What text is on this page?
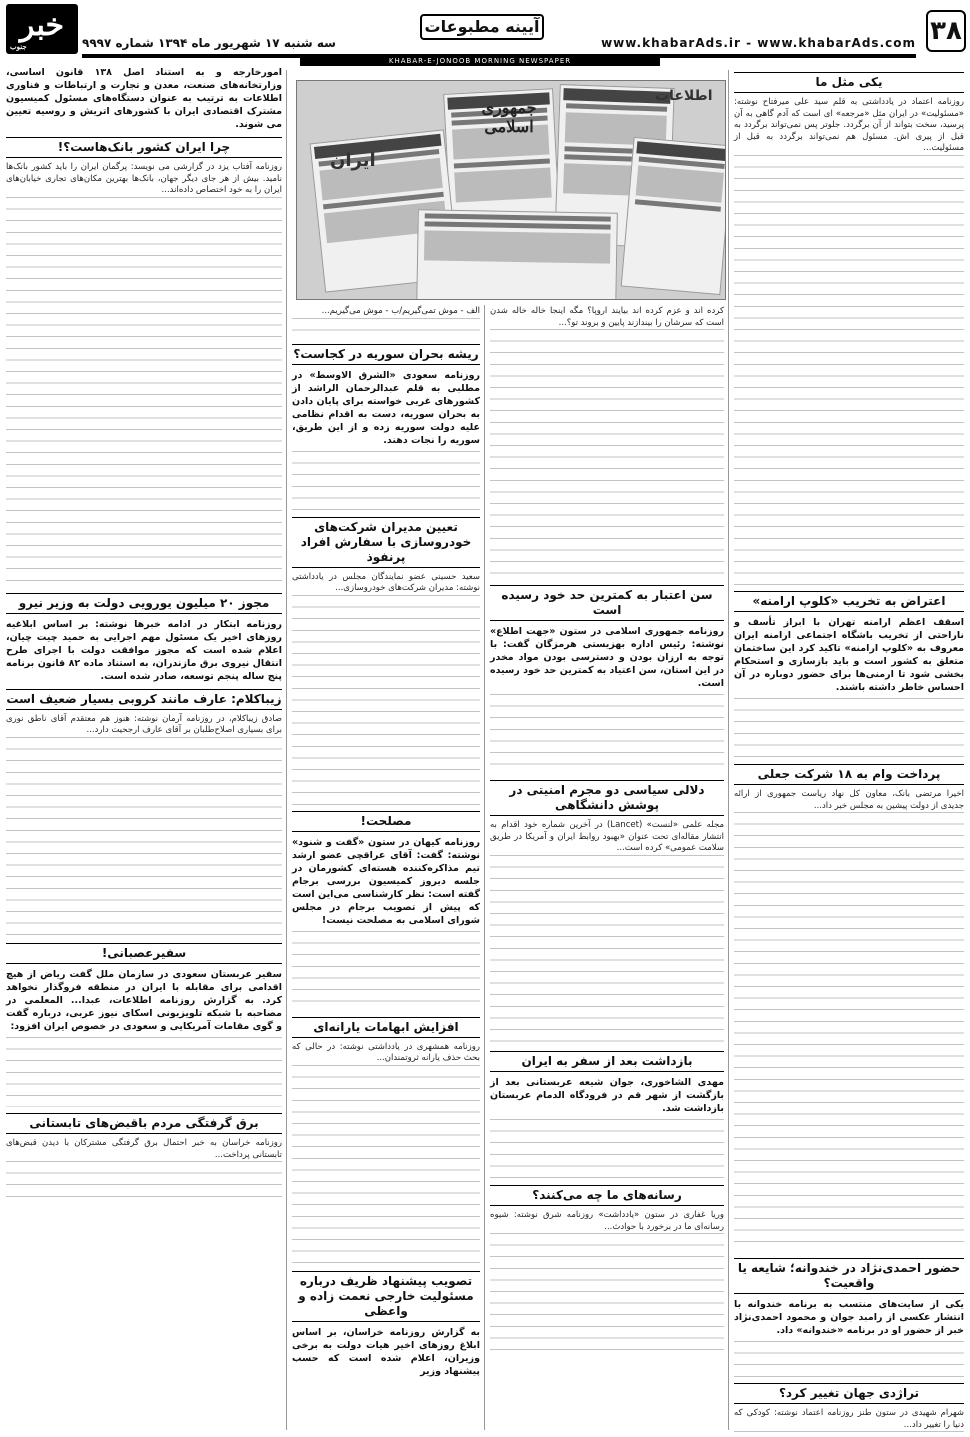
۳۸
www.khabarAds.ir - www.khabarAds.com
آیینه مطبوعات
سه شنبه ۱۷ شهریور ماه ۱۳۹۴ شماره ۹۹۹۷
خبر
جنوب
KHABAR-E-JONOOB MORNING NEWSPAPER
جمهوری اسلامی
اطلاعات
ایران
یکی مثل ما
روزنامه اعتماد در یادداشتی به قلم سید علی میرفتاح نوشته: «مسئولیت» در ایران مثل «مرجعه» ای است که آدم گاهی به آن پرسید، سخت بتواند از آن برگردد. جلوتر پس نمی‌تواند برگردد به قبل از پیری اش. مسئول هم نمی‌تواند برگردد به قبل از مسئولیت...
اعتراض به تخریب «کلوپ ارامنه»
اسقف اعظم ارامنه تهران با ابراز تأسف و ناراحتی از تخریب باشگاه اجتماعی ارامنه ایران معروف به «کلوپ ارامنه» تاکید کرد این ساختمان متعلق به کشور است و باید بازسازی و استحکام بخشی شود تا ارمنی‌ها برای حضور دوباره در آن احساس خاطر داشته باشند.
پرداخت وام به ۱۸ شرکت جعلی
اخیرا مرتضی بانک، معاون کل نهاد ریاست جمهوری از ارائه جدیدی از دولت پیشین به مجلس خبر داد...
حضور احمدی‌نژاد در خندوانه؛ شایعه یا واقعیت؟
یکی از سایت‌های منتسب به برنامه خندوانه با انتشار عکسی از رامبد جوان و محمود احمدی‌نژاد خبر از حضور او در برنامه «خندوانه» داد.
تراژدی جهان تغییر کرد؟
شهرام شهیدی در ستون طنز روزنامه اعتماد نوشته: کودکی که دنیا را تغییر داد...
کرده اند و عزم کرده اند بیایند اروپا؟ مگه اینجا خاله خاله شدن است که سرشان را بیندازند پایین و بروند تو؟...
سن اعتبار به کمترین حد خود رسیده است
روزنامه جمهوری اسلامی در ستون «جهت اطلاع» نوشته: رئیس اداره بهزیستی هرمزگان گفت: با توجه به ارزان بودن و دسترسی بودن مواد مخدر در این استان، سن اعتیاد به کمترین حد خود رسیده است.
دلالی سیاسی دو مجرم امنیتی در پوشش دانشگاهی
مجله علمی «لنست» (Lancet) در آخرین شماره خود اقدام به انتشار مقاله‌ای تحت عنوان «بهبود روابط ایران و آمریکا در طریق سلامت عمومی» کرده است...
بازداشت بعد از سفر به ایران
مهدی الشاخوری، جوان شیعه عربستانی بعد از بازگشت از شهر قم در فرودگاه الدمام عربستان بازداشت شد.
رسانه‌های ما چه می‌کنند؟
وریا غفاری در ستون «یادداشت» روزنامه شرق نوشته: شیوه رسانه‌ای ما در برخورد با حوادث...
الف - موش تمی‌گیریم/ب - موش می‌گیریم...
ریشه بحران سوریه در کجاست؟
روزنامه سعودی «الشرق الاوسط» در مطلبی به قلم عبدالرحمان الراشد از کشورهای غربی خواسته برای پایان دادن به بحران سوریه، دست به اقدام نظامی علیه دولت سوریه زده و از این طریق، سوریه را نجات دهند.
تعیین مدیران شرکت‌های خودروسازی با سفارش افراد پرنفوذ
سعید حسینی عضو نمایندگان مجلس در یادداشتی نوشته: مدیران شرکت‌های خودروسازی...
مصلحت!
روزنامه کیهان در ستون «گفت و شنود» نوشته: گفت: آقای عراقچی عضو ارشد تیم مذاکره‌کننده هسته‌ای کشورمان در جلسه دیروز کمیسیون بررسی برجام گفته است: نظر کارشناسی می‌این است که پیش از تصویب برجام در مجلس شورای اسلامی به مصلحت نیست!
افزایش ابهامات یارانه‌ای
روزنامه همشهری در یادداشتی نوشته: در حالی که بحث حذف یارانه ثروتمندان...
تصویب پیشنهاد ظریف درباره مسئولیت خارجی نعمت زاده و واعظی
به گزارش روزنامه خراسان، بر اساس ابلاغ روزهای اخیر هیات دولت به برخی وزیران، اعلام شده است که حسب پیشنهاد وزیر
امورخارجه و به استناد اصل ۱۳۸ قانون اساسی، وزارتخانه‌های صنعت، معدن و تجارت و ارتباطات و فناوری اطلاعات به ترتیب به عنوان دستگاه‌های مسئول کمیسیون مشترک اقتصادی ایران با کشورهای اتریش و روسیه تعیین می شوند.
چرا ایران کشور بانک‌هاست؟!
روزنامه آفتاب یزد در گزارشی می نویسد: پرگمان ایران را باید کشور بانک‌ها نامید. بیش از هر جای دیگر جهان، بانک‌ها بهترین مکان‌های تجاری خیابان‌های ایران را به خود اختصاص داده‌اند...
مجوز ۲۰ میلیون یورویی دولت به وزیر نیرو
روزنامه ابتکار در ادامه خبرها نوشته: بر اساس ابلاغیه روزهای اخیر یک مسئول مهم اجرایی به حمید چیت چیان، اعلام شده است که مجوز موافقت دولت با اجرای طرح انتقال نیروی برق مازندران، به استناد ماده ۸۲ قانون برنامه پنج ساله پنجم توسعه، صادر شده است.
زیباکلام: عارف مانند کروبی بسیار ضعیف است
صادق زیباکلام، در روزنامه آرمان نوشته: هنوز هم معتقدم آقای ناطق نوری برای بسیاری اصلاح‌طلبان بر آقای عارف ارجحیت دارد...
سفیرعصبانی!
سفیر عربستان سعودی در سازمان ملل گفت ریاض از هیچ اقدامی برای مقابله با ایران در منطقه فروگذار نخواهد کرد. به گزارش روزنامه اطلاعات، عبدا... المعلمی در مصاحبه با شبکه تلویزیونی اسکای نیوز عربی، درباره گفت و گوی مقامات آمریکایی و سعودی در خصوص ایران افزود:
برق گرفتگی مردم باقبض‌های تابستانی
روزنامه خراسان به خبر احتمال برق گرفتگی مشترکان با دیدن قبض‌های تابستانی پرداخت...
